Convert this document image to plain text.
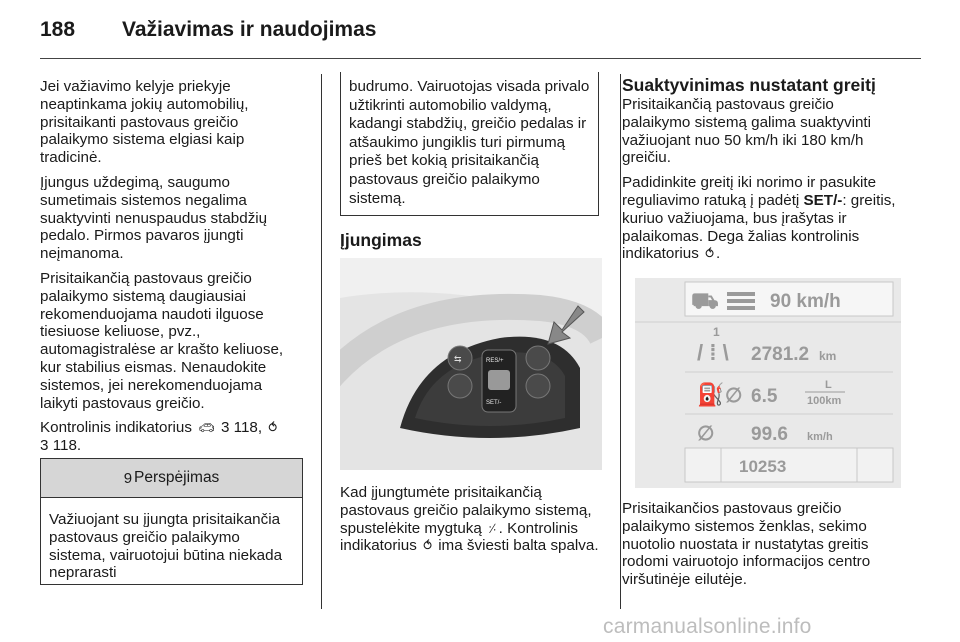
188 Važiavimas ir naudojimas

Jei važiavimo kelyje priekyje neaptinkama jokių automobilių, prisitaikanti pastovaus greičio palaikymo sistema elgiasi kaip tradicinė.

Įjungus uždegimą, saugumo sumetimais sistemos negalima suaktyvinti nenuspaudus stabdžių pedalo. Pirmos pavaros įjungti neįmanoma.

Prisitaikančią pastovaus greičio palaikymo sistemą daugiausiai rekomenduojama naudoti ilguose tiesiuose keliuose, pvz., automagistralėse ar krašto keliuose, kur stabilius eismas. Nenaudokite sistemos, jei nerekomenduojama laikyti pastovaus greičio.

Kontrolinis indikatorius 🚗︎ 3 118, ⥀
3 118.

9 Perspėjimas
Važiuojant su įjungta prisitaikančia pastovaus greičio palaikymo sistema, vairuotojui būtina niekada neprarasti
budrumo. Vairuotojas visada privalo užtikrinti automobilio valdymą, kadangi stabdžių, greičio pedalas ir atšaukimo jungiklis turi pirmumą prieš bet kokią prisitaikančią pastovaus greičio palaikymo sistemą.
Įjungimas
⇆	RES/+
SET/-

Kad įjungtumėte prisitaikančią pastovaus greičio palaikymo sistemą, spustelėkite mygtuką ⸓ . Kontrolinis indikatorius ⥀ ima šviesti balta spalva.

Suaktyvinimas nustatant greitį

Prisitaikančią pastovaus greičio palaikymo sistemą galima suaktyvinti važiuojant nuo 50 km/h iki 180 km/h greičiu.

Padidinkite greitį iki norimo ir pasukite reguliavimo ratuką į padėtį SET/-: greitis, kuriuo važiuojama, bus įrašytas ir palaikomas. Dega žalias kontrolinis indikatorius ⥀ .

⛟	90 km/h
1
/ ⁞ \ 2781.2 km
⛽ ∅ 6.5
L
100km
∅ 99.6 km/h
10253

Prisitaikančios pastovaus greičio palaikymo sistemos ženklas, sekimo nuotolio nuostata ir nustatytas greitis rodomi vairuotojo informacijos centro viršutinėje eilutėje.

carmanualsonline.info
